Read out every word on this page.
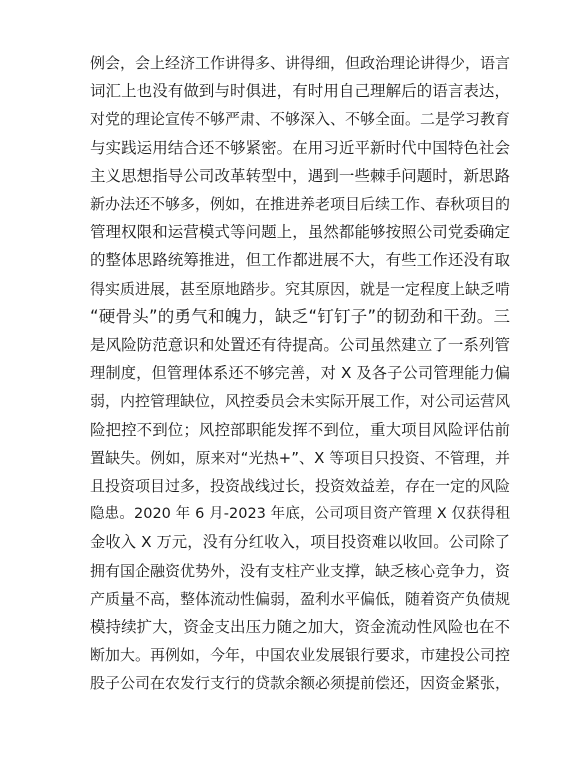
例会，会上经济工作讲得多、讲得细，但政治理论讲得少，语言
词汇上也没有做到与时俱进，有时用自己理解后的语言表达，
对党的理论宣传不够严肃、不够深入、不够全面。二是学习教育
与实践运用结合还不够紧密。在用习近平新时代中国特色社会
主义思想指导公司改革转型中，遇到一些棘手问题时，新思路
新办法还不够多，例如，在推进养老项目后续工作、春秋项目的
管理权限和运营模式等问题上，虽然都能够按照公司党委确定
的整体思路统筹推进，但工作都进展不大，有些工作还没有取
得实质进展，甚至原地踏步。究其原因，就是一定程度上缺乏啃
“硬骨头”的勇气和魄力，缺乏“钉钉子”的韧劲和干劲。三
是风险防范意识和处置还有待提高。公司虽然建立了一系列管
理制度，但管理体系还不够完善，对 X 及各子公司管理能力偏
弱，内控管理缺位，风控委员会未实际开展工作，对公司运营风
险把控不到位；风控部职能发挥不到位，重大项目风险评估前
置缺失。例如，原来对“光热+”、X 等项目只投资、不管理，并
且投资项目过多，投资战线过长，投资效益差，存在一定的风险
隐患。2020 年 6 月-2023 年底，公司项目资产管理 X 仅获得租
金收入 X 万元，没有分红收入，项目投资难以收回。公司除了
拥有国企融资优势外，没有支柱产业支撑，缺乏核心竞争力，资
产质量不高，整体流动性偏弱，盈利水平偏低，随着资产负债规
模持续扩大，资金支出压力随之加大，资金流动性风险也在不
断加大。再例如，今年，中国农业发展银行要求，市建投公司控
股子公司在农发行支行的贷款余额必须提前偿还，因资金紧张，
